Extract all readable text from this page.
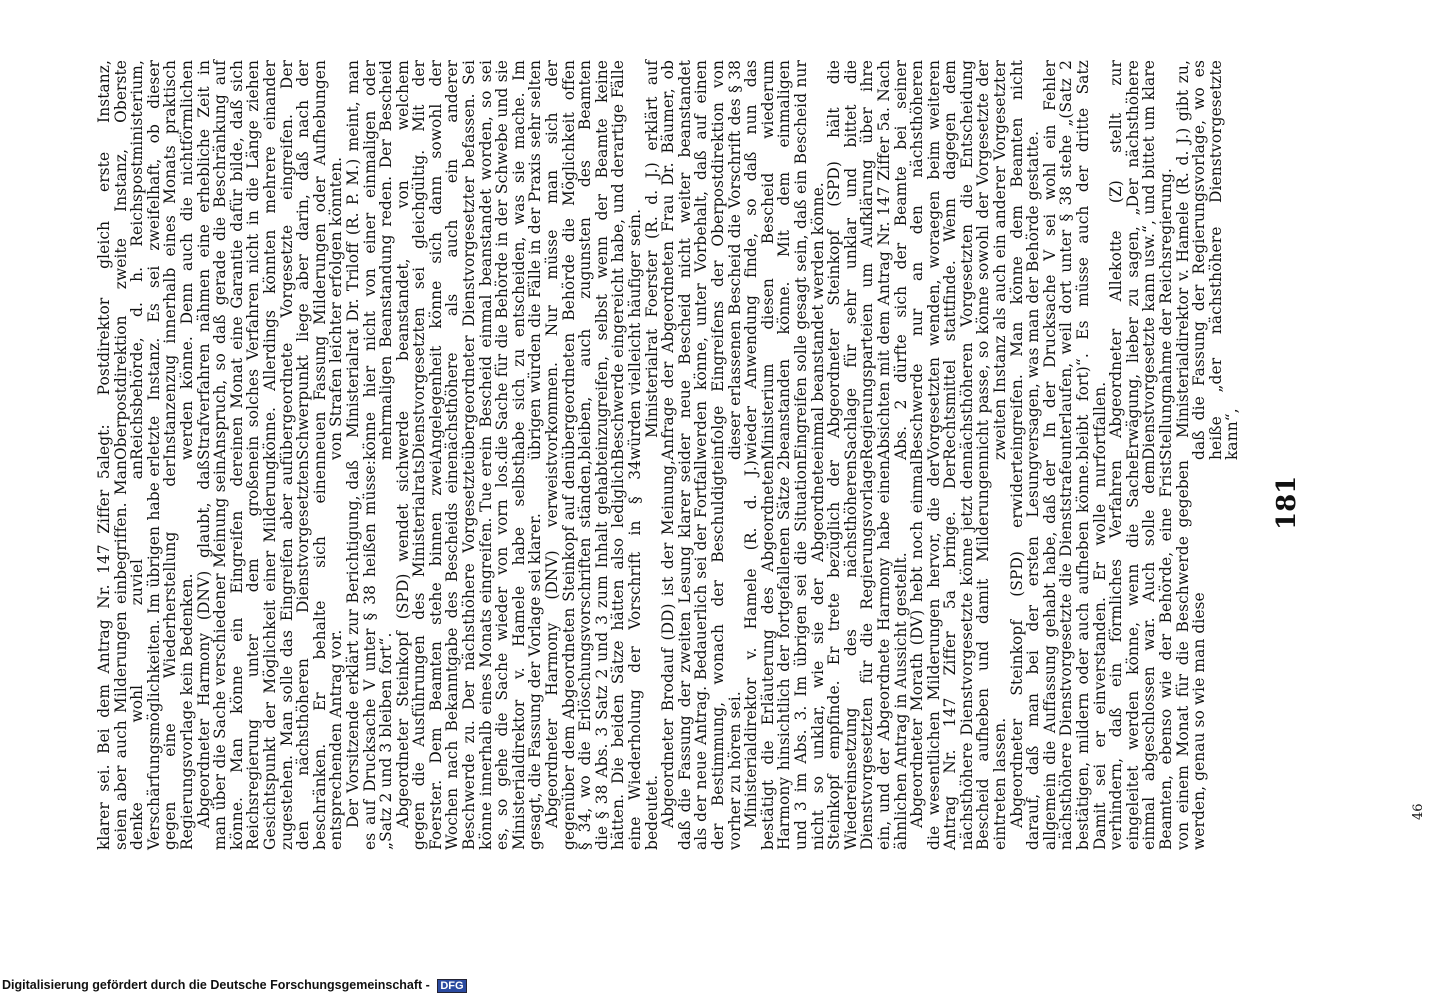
181

legt: Postdirektor gleich erste Instanz, Oberpostdirektion zweite Instanz, Oberste Reichsbehörde, d. h. Reichspostministerium, letzte Instanz. Es sei zweifelhaft, ob dieser Instanzenzug innerhalb eines Monats praktisch werden könne. Denn auch die nichtförmlichen Strafverfahren nähmen eine erhebliche Zeit in Anspruch, so daß gerade die Beschränkung auf einen Monat eine Garantie dafür bilde, daß sich ein solches Verfahren nicht in die Länge ziehen könne. Allerdings könnten mehrere einander übergeordnete Vorgesetzte eingreifen. Der Schwerpunkt liege aber darin, daß nach der neuen Fassung Milderungen oder Aufhebungen von Strafen leichter erfolgen könnten.

Ministerialrat Dr. Triloff (R. P. M.) meint, man könne hier nicht von einer einmaligen oder mehrmaligen Beanstandung reden. Der Bescheid werde beanstandet, von welchem Dienstvorgesetzten sei gleichgültig. Mit der Angelegenheit könne sich dann sowohl der nächsthöhere als auch ein anderer übergeordneter Dienstvorgesetzter befassen. Sei ein Bescheid einmal beanstandet worden, so sei die Sache für die Behörde in der Schwebe und sie habe sich zu entscheiden, was sie mache. Im übrigen würden die Fälle in der Praxis sehr selten vorkommen. Nur müsse man sich der übergeordneten Behörde die Möglichkeit offen bleiben, auch zugunsten des Beamten einzugreifen, selbst wenn der Beamte keine Beschwerde eingereicht habe, und derartige Fälle würden vielleicht häufiger sein.

Ministerialrat Foerster (R. d. J.) erklärt auf Anfrage der Abgeordneten Frau Dr. Bäumer, ob der neue Bescheid nicht weiter beanstandet werden könne, unter Vorbehalt, daß auf einen infolge Eingreifens der Oberpostdirektion von dieser erlassenen Bescheid die Vorschrift des § 38 wieder Anwendung finde, so daß nun das Ministerium diesen Bescheid wiederum beanstanden könne. Mit dem einmaligen Eingreifen solle gesagt sein, daß ein Bescheid nur einmal beanstandet werden könne.

Abgeordneter Steinkopf (SPD) hält die Sachlage für sehr unklar und bittet die Regierungsparteien um Aufklärung über ihre Absichten mit dem Antrag Nr. 147 Ziffer 5a. Nach Abs. 2 dürfte sich der Beamte bei seiner Beschwerde nur an den nächsthöheren Vorgesetzten wenden, woraegen beim weiteren Rechtsmittel stattfinde. Wenn dagegen dem nächsthöheren Vorgesetzten die Entscheidung nicht passe, so könne sowohl der Vorgesetzte der zweiten Instanz als auch ein anderer Vorgesetzter eingreifen. Man könne dem Beamten nicht versagen, was man der Behörde gestatte.

In der Drucksache V sei wohl ein Fehler unterlaufen, weil dort unter § 38 stehe „(Satz 2 bleibt fort)“. Es müsse auch der dritte Satz fortfallen.

Abgeordneter Allekotte (Z) stellt zur Erwägung, lieber zu sagen, „Der nächsthöhere Dienstvorgesetzte kann usw.“, und bittet um klare Stellungnahme der Reichsregierung.

Ministerialdirektor v. Hamele (R. d. J.) gibt zu, daß die Fassung der Regierungsvorlage, wo es heiße „der nächsthöhere Dienstvorgesetzte kann“,

klarer sei. Bei dem Antrag Nr. 147 Ziffer 5a seien aber auch Milderungen einbegriffen. Man denke wohl zuviel an Verschärfungsmöglichkeiten. Im übrigen habe er gegen eine Wiederherstellung der Regierungsvorlage kein Bedenken.

Abgeordneter Harmony (DNV) glaubt, daß man über die Sache verschiedener Meinung sein könne. Man könne ein Eingreifen der Reichsregierung unter dem großen Gesichtspunkt der Möglichkeit einer Milderung zugestehen. Man solle das Eingreifen aber auf den nächsthöheren Dienstvorgesetzten beschränken. Er behalte sich einen entsprechenden Antrag vor.

Der Vorsitzende erklärt zur Berichtigung, daß es auf Drucksache V unter § 38 heißen müsse: „Satz 2 und 3 bleiben fort“.

Abgeordneter Steinkopf (SPD) wendet sich gegen die Ausführungen des Ministerialrats Foerster. Dem Beamten stehe binnen zwei Wochen nach Bekanntgabe des Bescheids eine Beschwerde zu. Der nächsthöhere Vorgesetzte könne innerhalb eines Monats eingreifen. Tue er es, so gehe die Sache wieder von vorn los. Ministerialdirektor v. Hamele habe selbst gesagt, die Fassung der Vorlage sei klarer.

Abgeordneter Harmony (DNV) verweist gegenüber dem Abgeordneten Steinkopf auf den § 34, wo die Erlöschungsvorschriften ständen, die § 38 Abs. 3 Satz 2 und 3 zum Inhalt gehabt hätten. Die beiden Sätze hätten also lediglich eine Wiederholung der Vorschrift in § 34 bedeutet.

Abgeordneter Brodauf (DD) ist der Meinung, daß die Fassung der zweiten Lesung klarer sei als der neue Antrag. Bedauerlich sei der Fortfall der Bestimmung, wonach der Beschuldigte vorher zu hören sei.

Ministerialdirektor v. Hamele (R. d. J.) bestätigt die Erläuterung des Abgeordneten Harmony hinsichtlich der fortgefallenen Sätze 2 und 3 im Abs. 3. Im übrigen sei die Situation nicht so unklar, wie sie der Abgeordnete Steinkopf empfinde. Er trete bezüglich der Wiedereinsetzung des nächsthöheren Dienstvorgesetzten für die Regierungsvorlage ein, und der Abgeordnete Harmony habe einen ähnlichen Antrag in Aussicht gestellt.

Abgeordneter Morath (DV) hebt noch einmal die wesentlichen Milderungen hervor, die der Antrag Nr. 147 Ziffer 5a bringe. Der nächsthöhere Dienstvorgesetzte könne jetzt den Bescheid aufheben und damit Milderungen eintreten lassen.

Abgeordneter Steinkopf (SPD) erwidert darauf, daß man bei der ersten Lesung allgemein die Auffassung gehabt habe, daß der nächsthöhere Dienstvorgesetzte die Dienststrafe bestätigen, mildern oder auch aufheben könne. Damit sei er einverstanden. Er wolle nur verhindern, daß ein förmliches Verfahren eingeleitet werden könne, wenn die Sache einmal abgeschlossen war. Auch solle dem Beamten, ebenso wie der Behörde, eine Frist von einem Monat für die Beschwerde gegeben werden, genau so wie man diese	46
Digitalisierung gefördert durch die Deutsche Forschungsgemeinschaft - DFG
